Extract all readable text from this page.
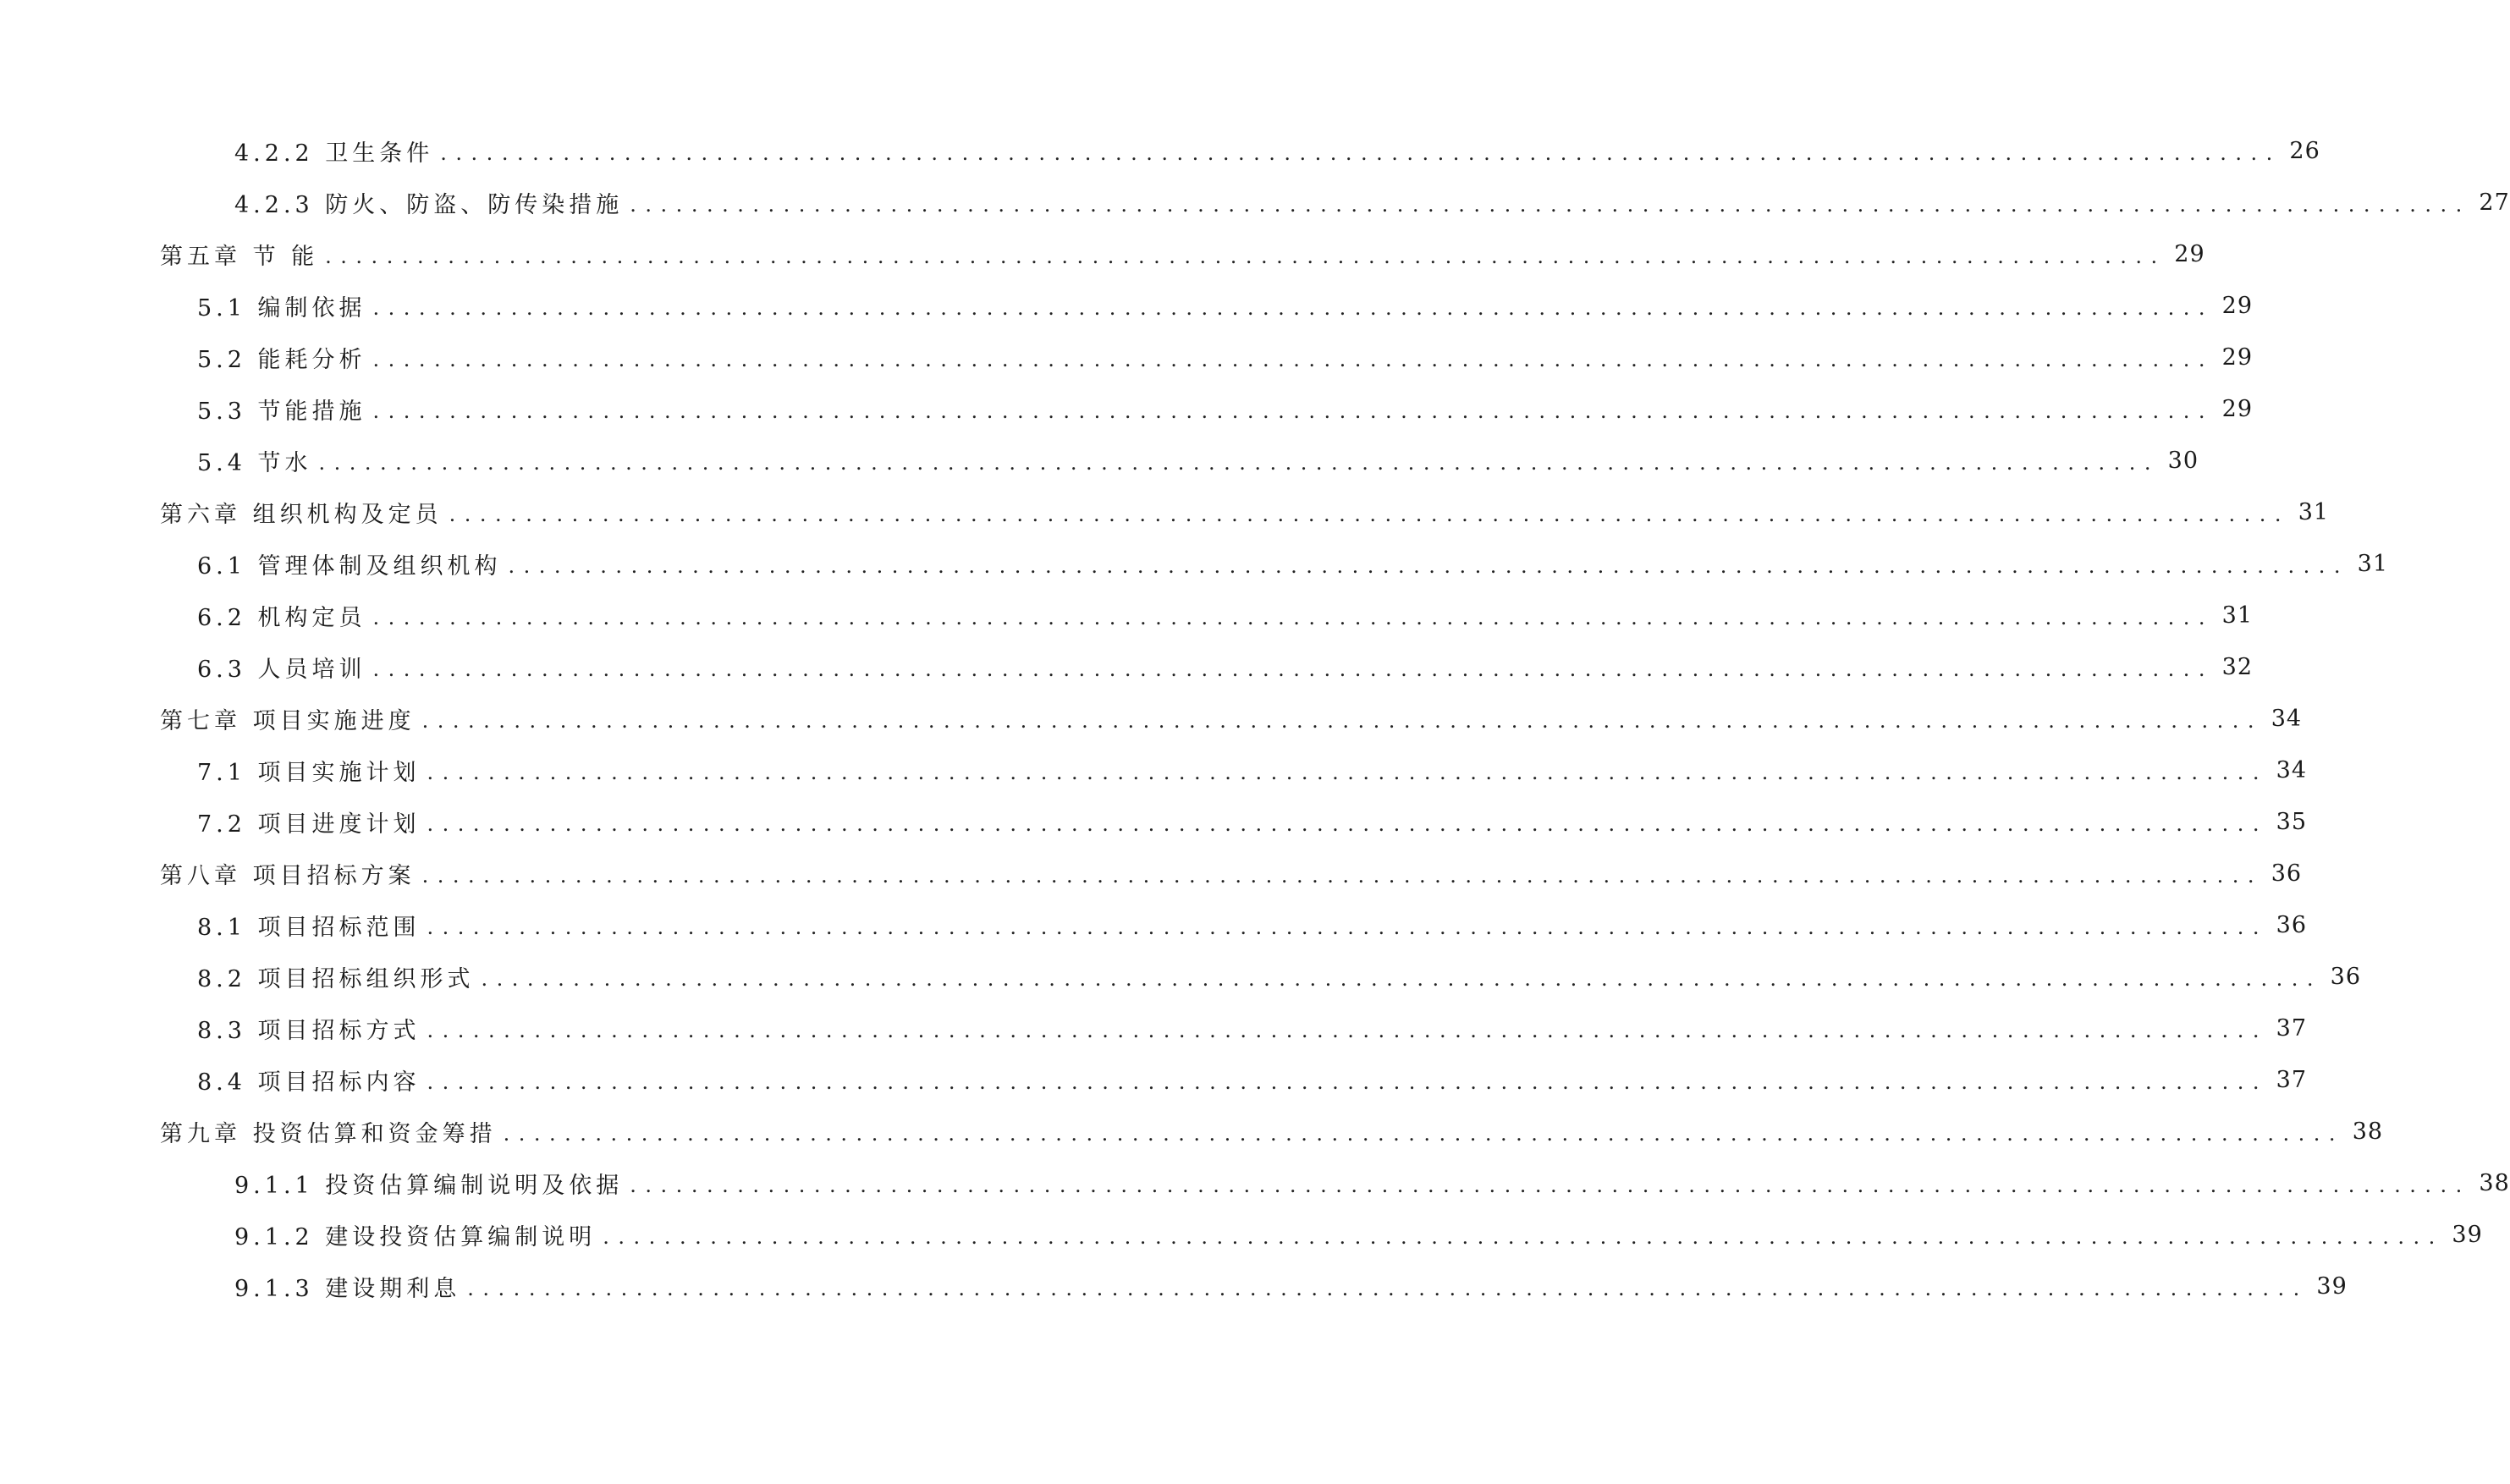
4.2.2 卫生条件 ........................................................................................................................ 26
4.2.3 防火、防盗、防传染措施 ........................................................................................................................ 27
第五章 节 能 ........................................................................................................................ 29
5.1 编制依据 ........................................................................................................................ 29
5.2 能耗分析 ........................................................................................................................ 29
5.3 节能措施 ........................................................................................................................ 29
5.4 节水 ........................................................................................................................ 30
第六章 组织机构及定员 ........................................................................................................................ 31
6.1 管理体制及组织机构 ........................................................................................................................ 31
6.2 机构定员 ........................................................................................................................ 31
6.3 人员培训 ........................................................................................................................ 32
第七章 项目实施进度 ........................................................................................................................ 34
7.1 项目实施计划 ........................................................................................................................ 34
7.2 项目进度计划 ........................................................................................................................ 35
第八章 项目招标方案 ........................................................................................................................ 36
8.1 项目招标范围 ........................................................................................................................ 36
8.2 项目招标组织形式 ........................................................................................................................ 36
8.3 项目招标方式 ........................................................................................................................ 37
8.4 项目招标内容 ........................................................................................................................ 37
第九章 投资估算和资金筹措 ........................................................................................................................ 38
9.1.1 投资估算编制说明及依据 ........................................................................................................................ 38
9.1.2 建设投资估算编制说明 ........................................................................................................................ 39
9.1.3 建设期利息 ........................................................................................................................ 39
